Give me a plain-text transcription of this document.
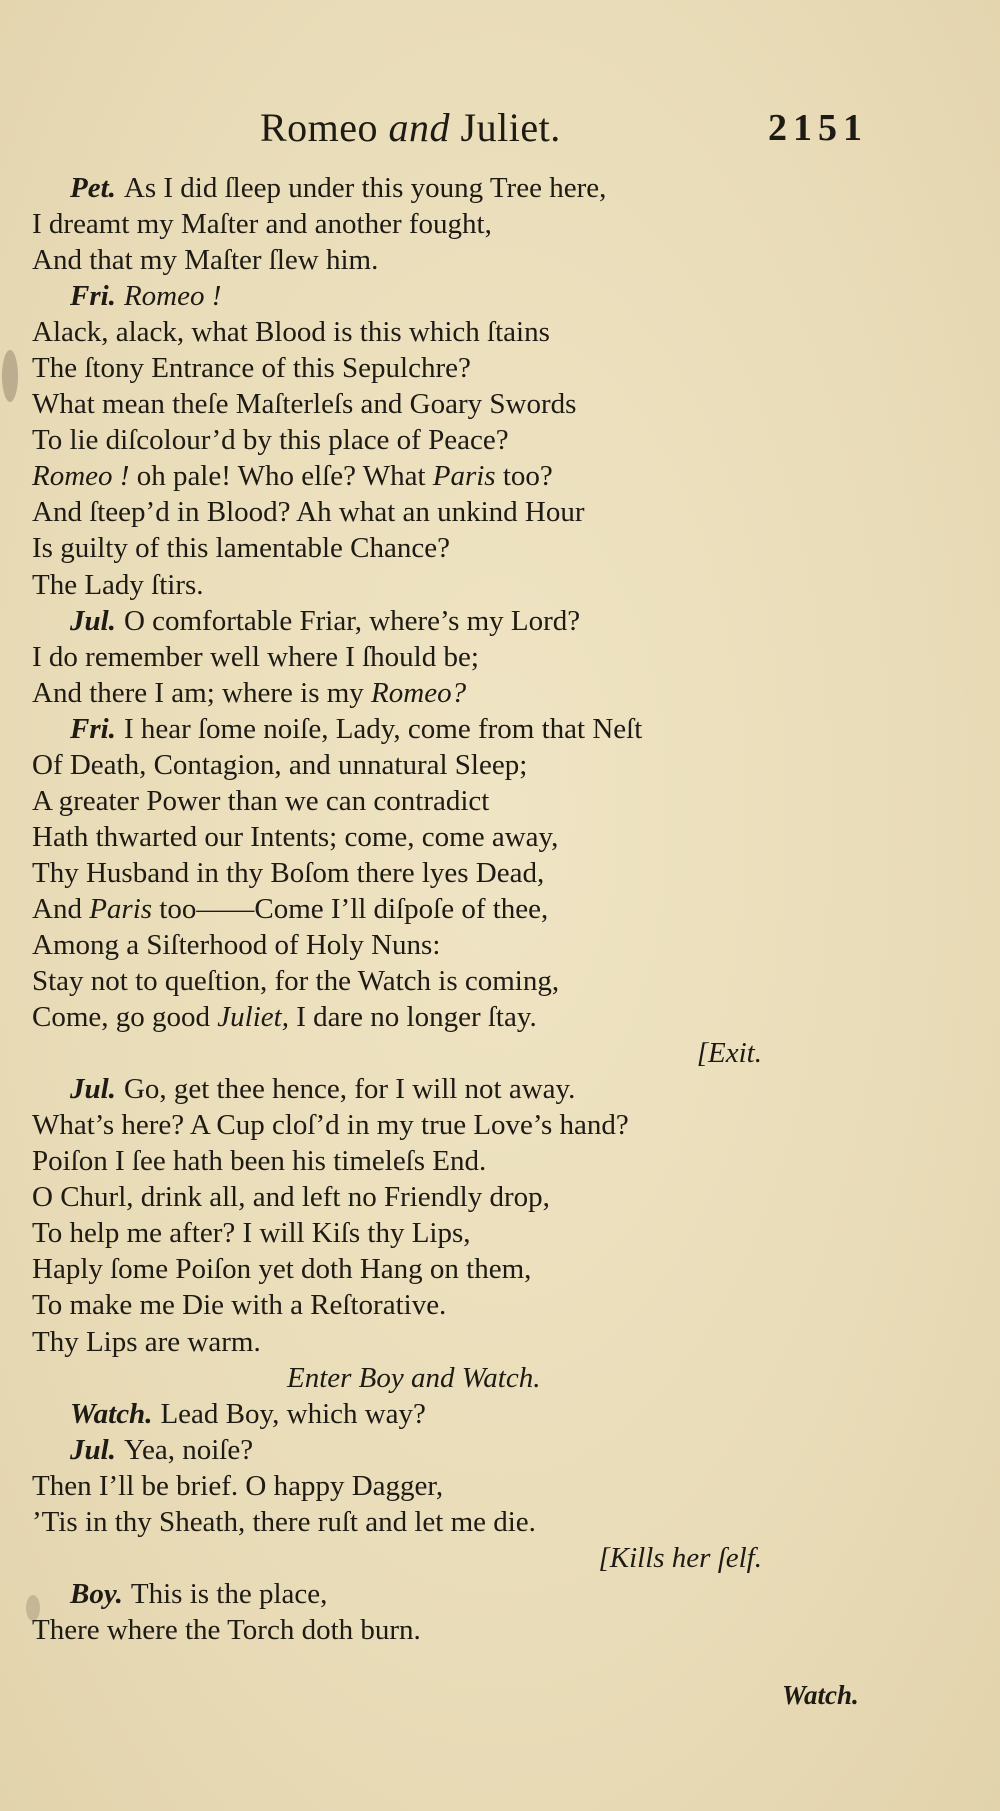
Romeo and Juliet.	2151
Pet. As I did ſleep under this young Tree here,
I dreamt my Maſter and another fought,
And that my Maſter ſlew him.
Fri. Romeo !
Alack, alack, what Blood is this which ſtains
The ſtony Entrance of this Sepulchre?
What mean theſe Maſterleſs and Goary Swords
To lie diſcolour’d by this place of Peace?
Romeo ! oh pale! Who elſe? What Paris too?
And ſteep’d in Blood? Ah what an unkind Hour
Is guilty of this lamentable Chance?
The Lady ſtirs.
Jul. O comfortable Friar, where’s my Lord?
I do remember well where I ſhould be;
And there I am; where is my Romeo?
Fri. I hear ſome noiſe, Lady, come from that Neſt
Of Death, Contagion, and unnatural Sleep;
A greater Power than we can contradict
Hath thwarted our Intents; come, come away,
Thy Husband in thy Boſom there lyes Dead,
And Paris too——Come I’ll diſpoſe of thee,
Among a Siſterhood of Holy Nuns:
Stay not to queſtion, for the Watch is coming,
Come, go good Juliet, I dare no longer ſtay.
[Exit.
Jul. Go, get thee hence, for I will not away.
What’s here? A Cup cloſ’d in my true Love’s hand?
Poiſon I ſee hath been his timeleſs End.
O Churl, drink all, and left no Friendly drop,
To help me after? I will Kiſs thy Lips,
Haply ſome Poiſon yet doth Hang on them,
To make me Die with a Reſtorative.
Thy Lips are warm.
Enter Boy and Watch.
Watch. Lead Boy, which way?
Jul. Yea, noiſe?
Then I’ll be brief. O happy Dagger,
’Tis in thy Sheath, there ruſt and let me die.
[Kills her ſelf.
Boy. This is the place,
There where the Torch doth burn.
Watch.
